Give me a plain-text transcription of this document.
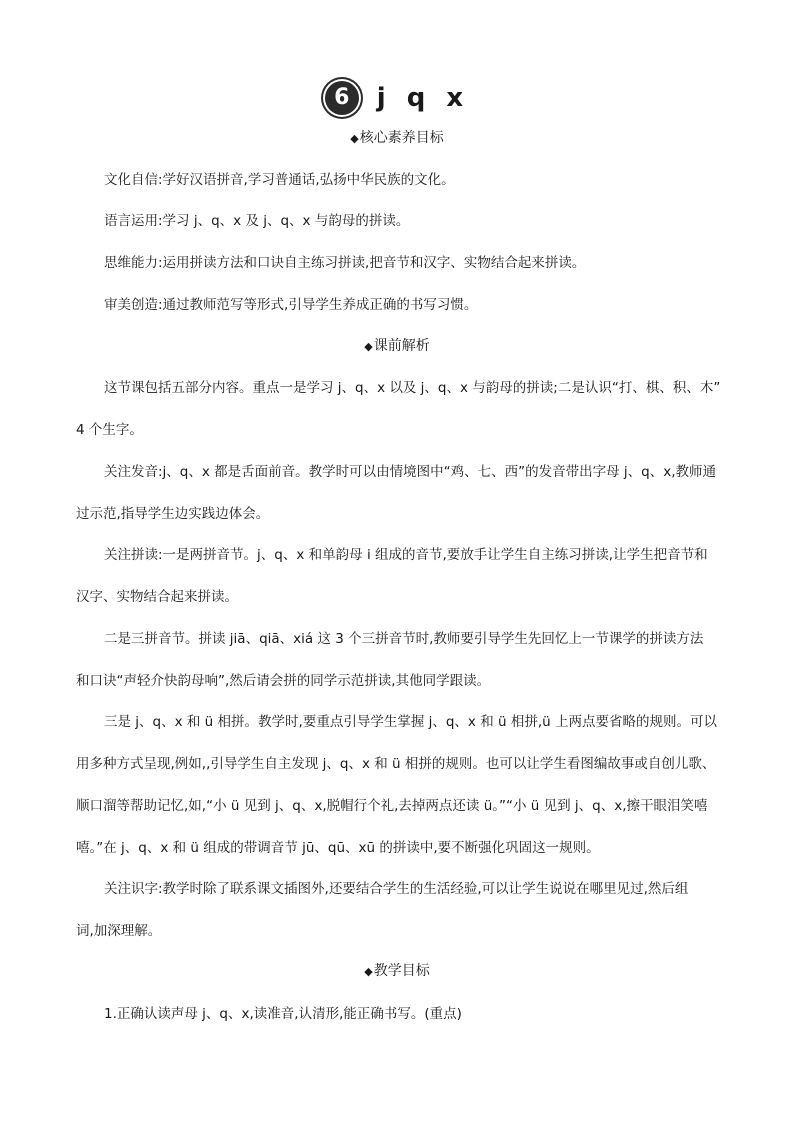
6 j q x
◆核心素养目标
文化自信:学好汉语拼音,学习普通话,弘扬中华民族的文化。
语言运用:学习 j、q、x 及 j、q、x 与韵母的拼读。
思维能力:运用拼读方法和口诀自主练习拼读,把音节和汉字、实物结合起来拼读。
审美创造:通过教师范写等形式,引导学生养成正确的书写习惯。
◆课前解析
这节课包括五部分内容。重点一是学习 j、q、x 以及 j、q、x 与韵母的拼读;二是认识“打、棋、积、木”
4 个生字。
关注发音:j、q、x 都是舌面前音。教学时可以由情境图中“鸡、七、西”的发音带出字母 j、q、x,教师通
过示范,指导学生边实践边体会。
关注拼读:一是两拼音节。j、q、x 和单韵母 i 组成的音节,要放手让学生自主练习拼读,让学生把音节和
汉字、实物结合起来拼读。
二是三拼音节。拼读 jiā、qiā、xiá 这 3 个三拼音节时,教师要引导学生先回忆上一节课学的拼读方法
和口诀“声轻介快韵母响”,然后请会拼的同学示范拼读,其他同学跟读。
三是 j、q、x 和 ü 相拼。教学时,要重点引导学生掌握 j、q、x 和 ü 相拼,ü 上两点要省略的规则。可以
用多种方式呈现,例如,,引导学生自主发现 j、q、x 和 ü 相拼的规则。也可以让学生看图编故事或自创儿歌、
顺口溜等帮助记忆,如,“小 ü 见到 j、q、x,脱帽行个礼,去掉两点还读 ü。”“小 ü 见到 j、q、x,擦干眼泪笑嘻
嘻。”在 j、q、x 和 ü 组成的带调音节 jū、qū、xū 的拼读中,要不断强化巩固这一规则。
关注识字:教学时除了联系课文插图外,还要结合学生的生活经验,可以让学生说说在哪里见过,然后组
词,加深理解。
◆教学目标
1.正确认读声母 j、q、x,读准音,认清形,能正确书写。(重点)
